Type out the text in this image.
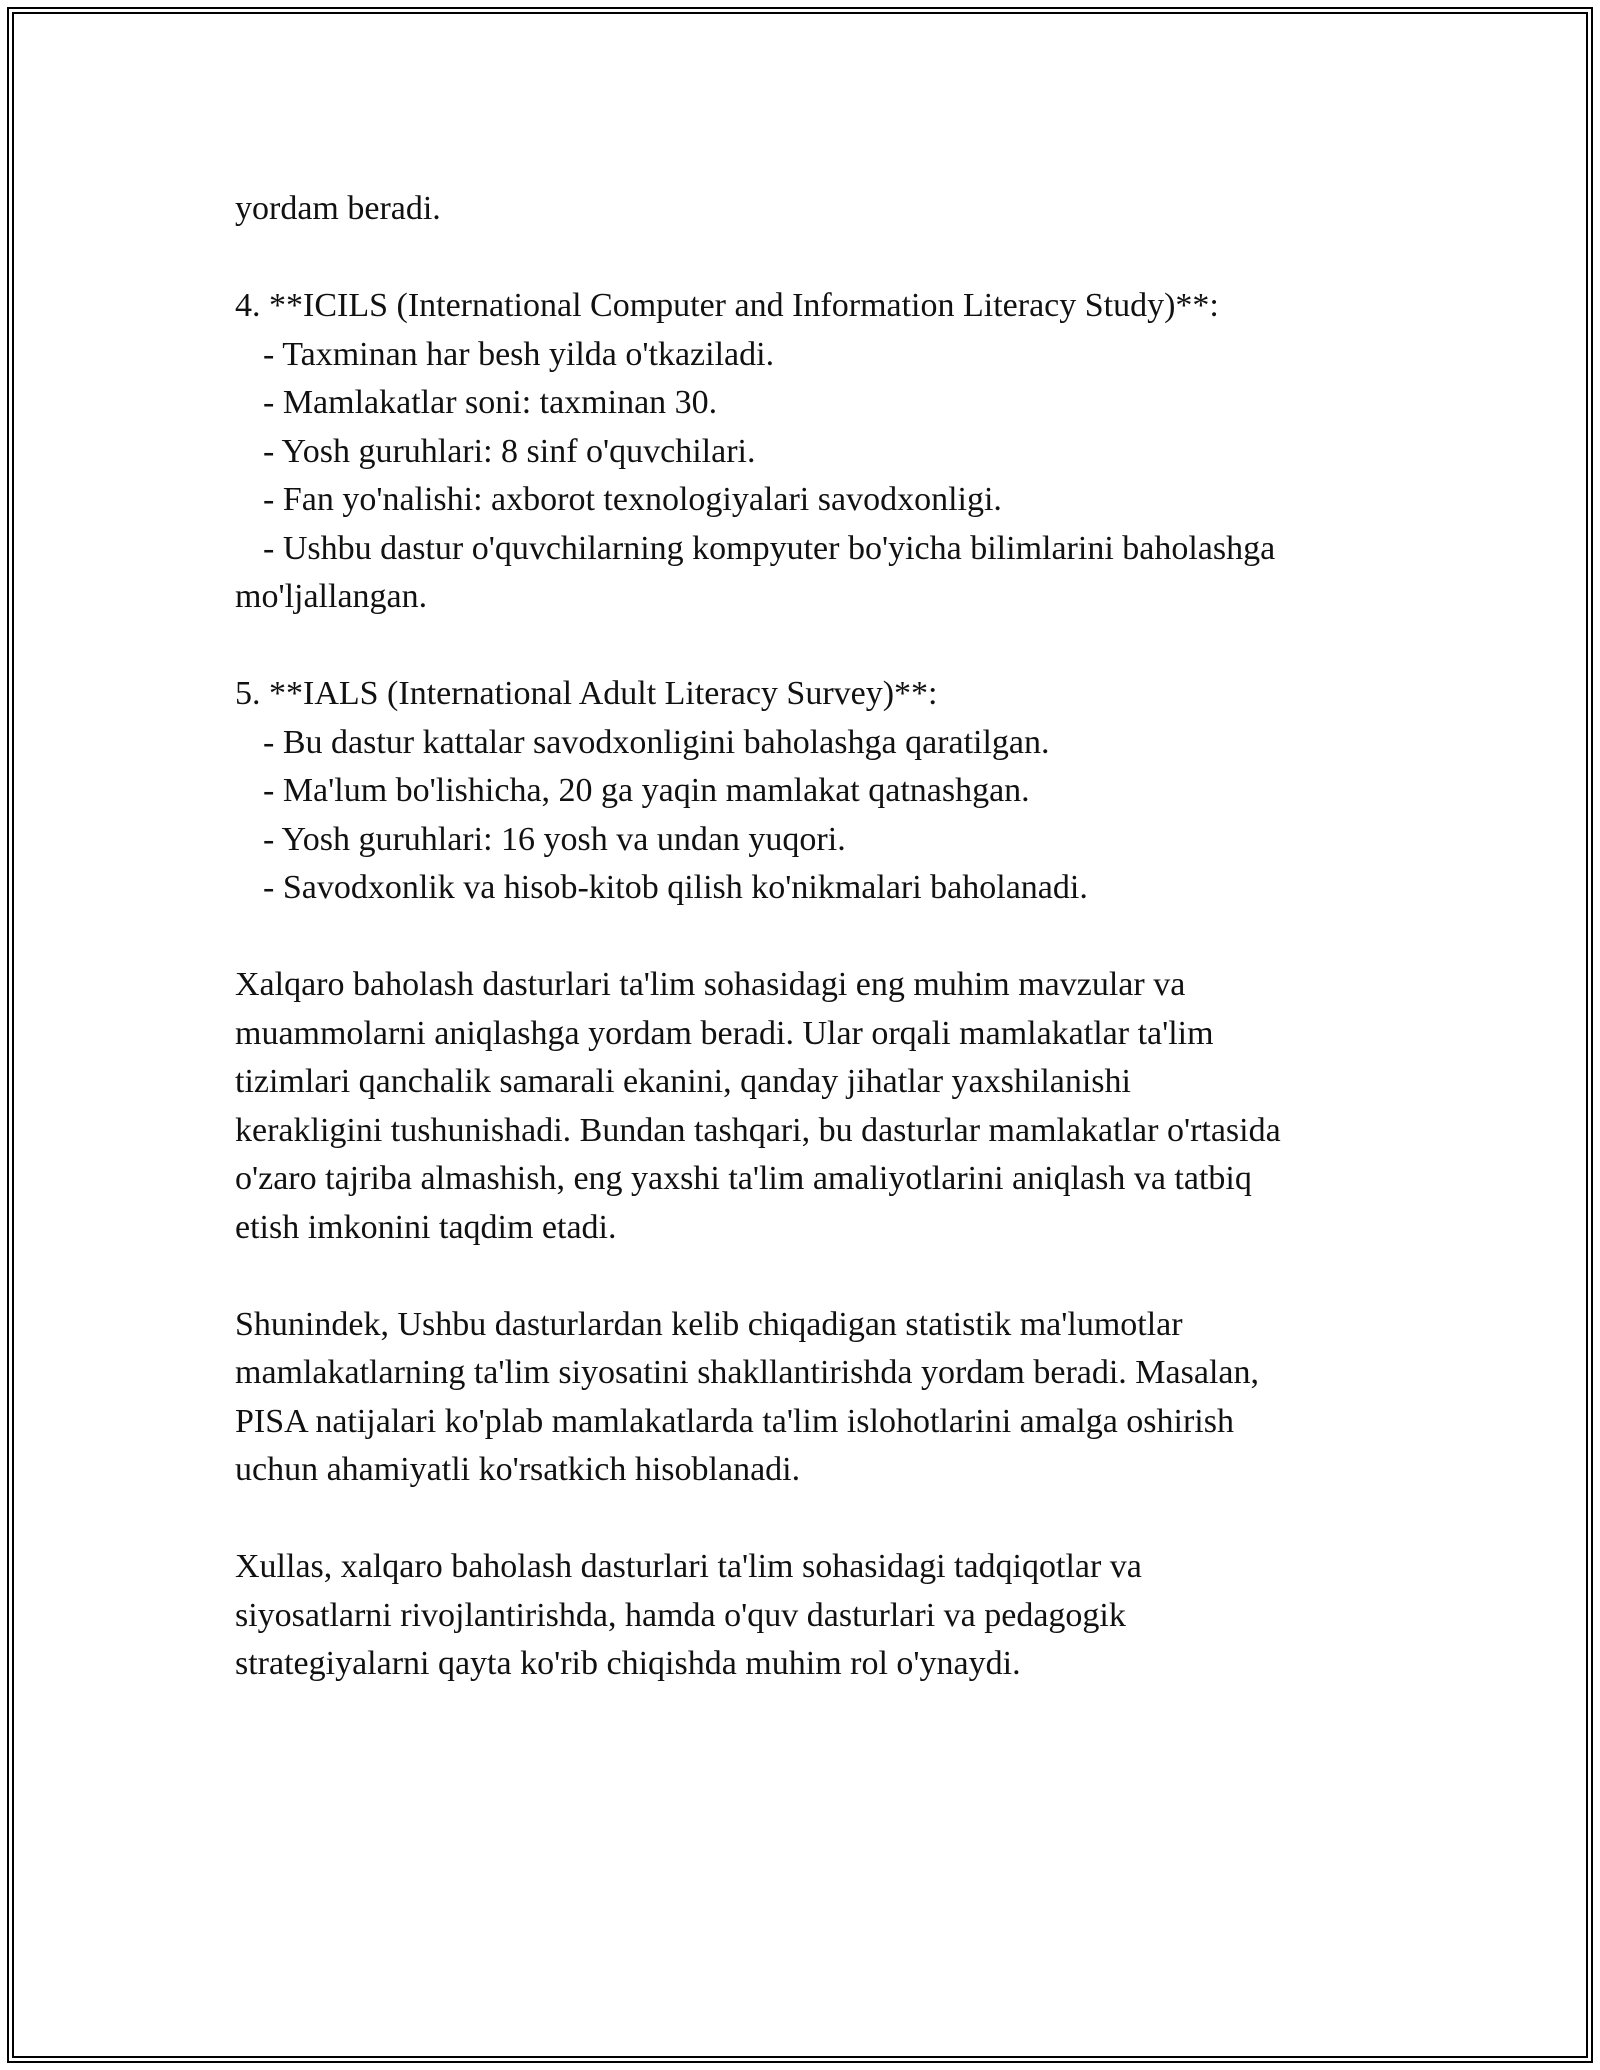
yordam beradi.
4. **ICILS (International Computer and Information Literacy Study)**:
- Taxminan har besh yilda o'tkaziladi.
- Mamlakatlar soni: taxminan 30.
- Yosh guruhlari: 8 sinf o'quvchilari.
- Fan yo'nalishi: axborot texnologiyalari savodxonligi.
- Ushbu dastur o'quvchilarning kompyuter bo'yicha bilimlarini baholashga
mo'ljallangan.
5. **IALS (International Adult Literacy Survey)**:
- Bu dastur kattalar savodxonligini baholashga qaratilgan.
- Ma'lum bo'lishicha, 20 ga yaqin mamlakat qatnashgan.
- Yosh guruhlari: 16 yosh va undan yuqori.
- Savodxonlik va hisob-kitob qilish ko'nikmalari baholanadi.
Xalqaro baholash dasturlari ta'lim sohasidagi eng muhim mavzular va
muammolarni aniqlashga yordam beradi. Ular orqali mamlakatlar ta'lim
tizimlari qanchalik samarali ekanini, qanday jihatlar yaxshilanishi
kerakligini tushunishadi. Bundan tashqari, bu dasturlar mamlakatlar o'rtasida
o'zaro tajriba almashish, eng yaxshi ta'lim amaliyotlarini aniqlash va tatbiq
etish imkonini taqdim etadi.
Shunindek, Ushbu dasturlardan kelib chiqadigan statistik ma'lumotlar
mamlakatlarning ta'lim siyosatini shakllantirishda yordam beradi. Masalan,
PISA natijalari ko'plab mamlakatlarda ta'lim islohotlarini amalga oshirish
uchun ahamiyatli ko'rsatkich hisoblanadi.
Xullas, xalqaro baholash dasturlari ta'lim sohasidagi tadqiqotlar va
siyosatlarni rivojlantirishda, hamda o'quv dasturlari va pedagogik
strategiyalarni qayta ko'rib chiqishda muhim rol o'ynaydi.
